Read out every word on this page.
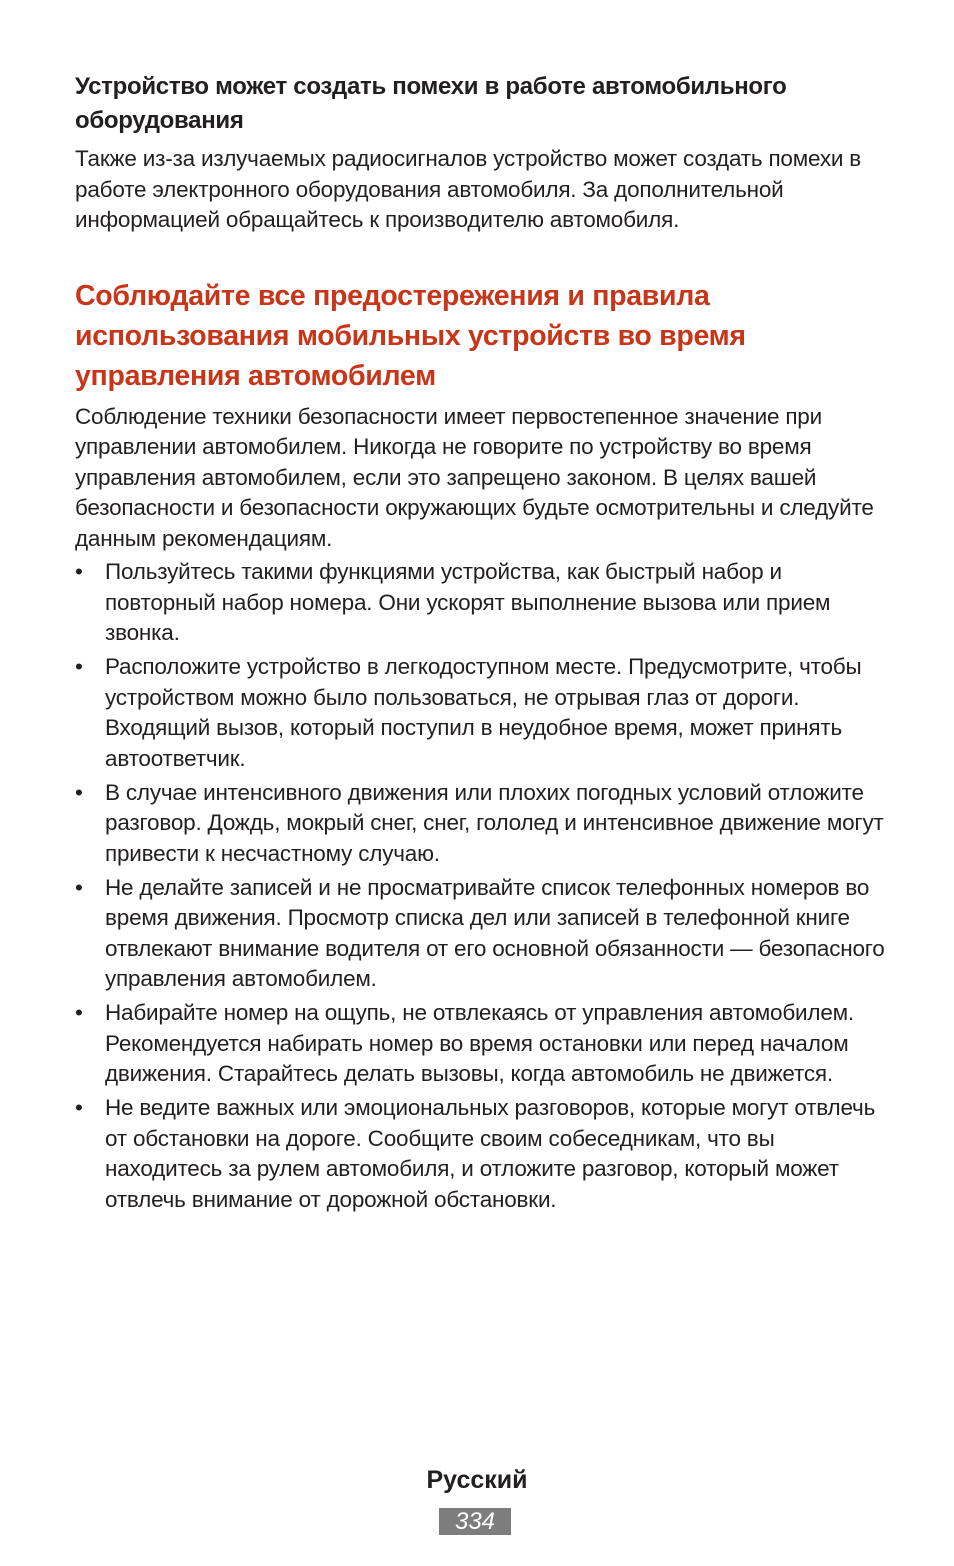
Устройство может создать помехи в работе автомобильного оборудования

Также из-за излучаемых радиосигналов устройство может создать помехи в работе электронного оборудования автомобиля. За дополнительной информацией обращайтесь к производителю автомобиля.

Соблюдайте все предостережения и правила использования мобильных устройств во время управления автомобилем

Соблюдение техники безопасности имеет первостепенное значение при управлении автомобилем. Никогда не говорите по устройству во время управления автомобилем, если это запрещено законом. В целях вашей безопасности и безопасности окружающих будьте осмотрительны и следуйте данным рекомендациям.

• Пользуйтесь такими функциями устройства, как быстрый набор и повторный набор номера. Они ускорят выполнение вызова или прием звонка.
• Расположите устройство в легкодоступном месте. Предусмотрите, чтобы устройством можно было пользоваться, не отрывая глаз от дороги. Входящий вызов, который поступил в неудобное время, может принять автоответчик.
• В случае интенсивного движения или плохих погодных условий отложите разговор. Дождь, мокрый снег, снег, гололед и интенсивное движение могут привести к несчастному случаю.
• Не делайте записей и не просматривайте список телефонных номеров во время движения. Просмотр списка дел или записей в телефонной книге отвлекают внимание водителя от его основной обязанности — безопасного управления автомобилем.
• Набирайте номер на ощупь, не отвлекаясь от управления автомобилем. Рекомендуется набирать номер во время остановки или перед началом движения. Старайтесь делать вызовы, когда автомобиль не движется.
• Не ведите важных или эмоциональных разговоров, которые могут отвлечь от обстановки на дороге. Сообщите своим собеседникам, что вы находитесь за рулем автомобиля, и отложите разговор, который может отвлечь внимание от дорожной обстановки.
Русский
334
